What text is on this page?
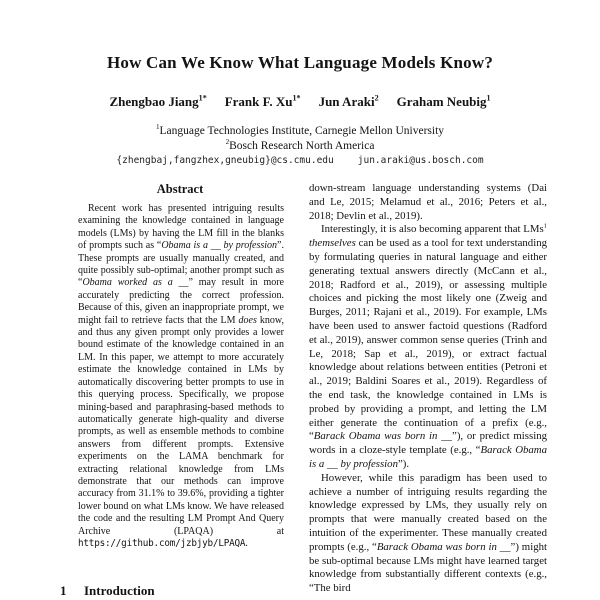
How Can We Know What Language Models Know?
Zhengbao Jiang$^{1*}$ Frank F. $Xu^{1*}$ Jun Araki$^2$ Graham Neubig$^1$
$^1$Language Technologies Institute, Carnegie Mellon University
$^2$Bosch Research North America
{zhengbaj,fangzhex,gneubig}@cs.cmu.edu	jun.araki@us.bosch.com
Abstract
Recent work has presented intriguing results examining the knowledge contained in language models (LMs) by having the LM fill in the blanks of prompts such as “Obama is a __ by profession”. These prompts are usually manually created, and quite possibly sub-optimal; another prompt such as “Obama worked as a __” may result in more accurately predicting the correct profession. Because of this, given an inappropriate prompt, we might fail to retrieve facts that the LM does know, and thus any given prompt only provides a lower bound estimate of the knowledge contained in an LM. In this paper, we attempt to more accurately estimate the knowledge contained in LMs by automatically discovering better prompts to use in this querying process. Specifically, we propose mining-based and paraphrasing-based methods to automatically generate high-quality and diverse prompts, as well as ensemble methods to combine answers from different prompts. Extensive experiments on the LAMA benchmark for extracting relational knowledge from LMs demonstrate that our methods can improve accuracy from 31.1% to 39.6%, providing a tighter lower bound on what LMs know. We have released the code and the resulting LM Prompt And Query Archive (LPAQA) at https://github.com/jzbjyb/LPAQA.
1 Introduction

down-stream language understanding systems (Dai and Le, 2015; Melamud et al., 2016; Peters et al., 2018; Devlin et al., 2019).

Interestingly, it is also becoming apparent that LMs$^1$ themselves can be used as a tool for text understanding by formulating queries in natural language and either generating textual answers directly (McCann et al., 2018; Radford et al., 2019), or assessing multiple choices and picking the most likely one (Zweig and Burges, 2011; Rajani et al., 2019). For example, LMs have been used to answer factoid questions (Radford et al., 2019), answer common sense queries (Trinh and Le, 2018; Sap et al., 2019), or extract factual knowledge about relations between entities (Petroni et al., 2019; Baldini Soares et al., 2019). Regardless of the end task, the knowledge contained in LMs is probed by providing a prompt, and letting the LM either generate the continuation of a prefix (e.g., “Barack Obama was born in __”), or predict missing words in a cloze-style template (e.g., “Barack Obama is a __ by profession”).

However, while this paradigm has been used to achieve a number of intriguing results regarding the knowledge expressed by LMs, they usually rely on prompts that were manually created based on the intuition of the experimenter. These manually created prompts (e.g., “Barack Obama was born in __”) might be sub-optimal because LMs might have learned target knowledge from substantially different contexts (e.g., “The bird
